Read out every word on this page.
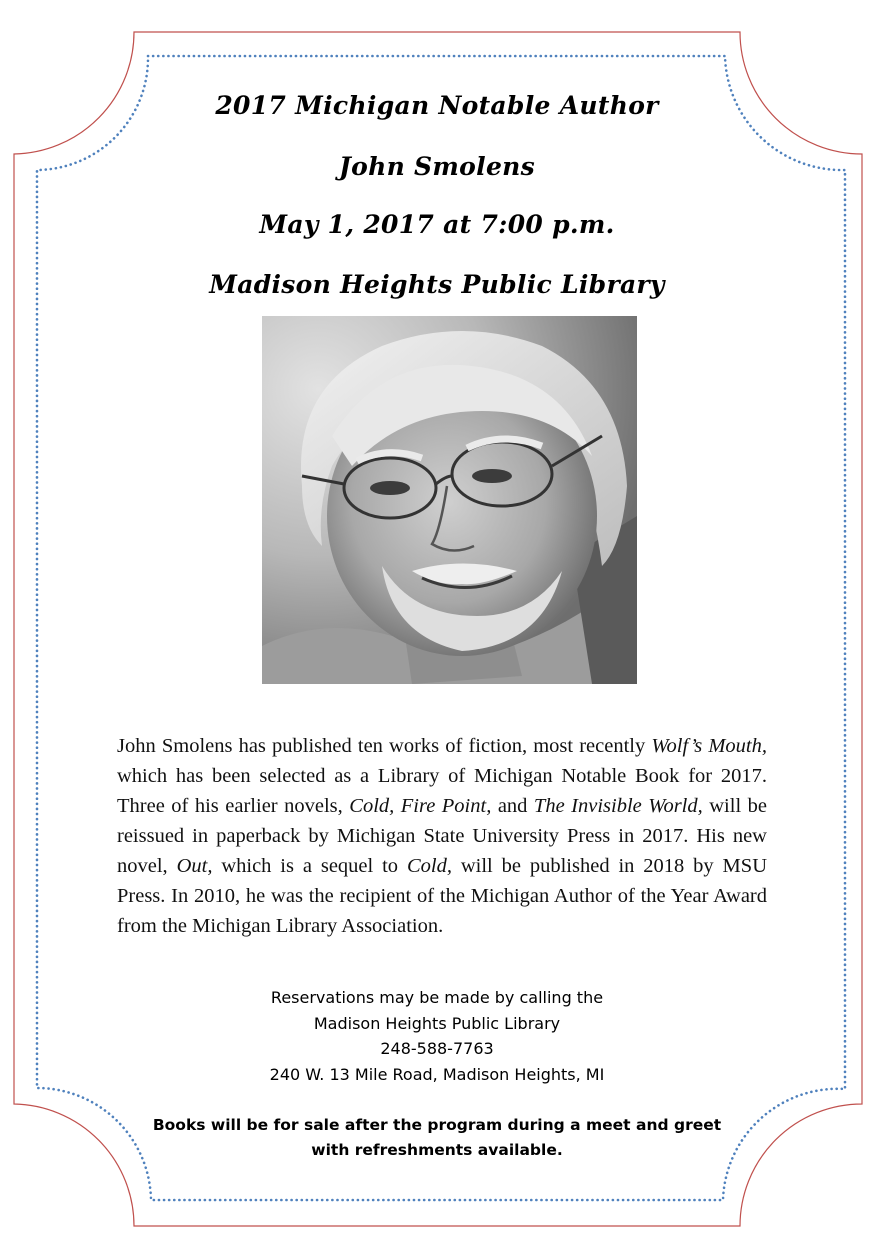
2017 Michigan Notable Author
John Smolens
May 1, 2017 at 7:00 p.m.
Madison Heights Public Library

John Smolens has published ten works of fiction, most recently Wolf’s Mouth, which has been selected as a Library of Michigan Notable Book for 2017. Three of his earlier novels, Cold, Fire Point, and The Invisible World, will be reissued in paperback by Michigan State University Press in 2017. His new novel, Out, which is a sequel to Cold, will be published in 2018 by MSU Press. In 2010, he was the recipient of the Michigan Author of the Year Award from the Michigan Library Association.

Reservations may be made by calling the
Madison Heights Public Library
248-588-7763
240 W. 13 Mile Road, Madison Heights, MI
Books will be for sale after the program during a meet and greet
with refreshments available.
